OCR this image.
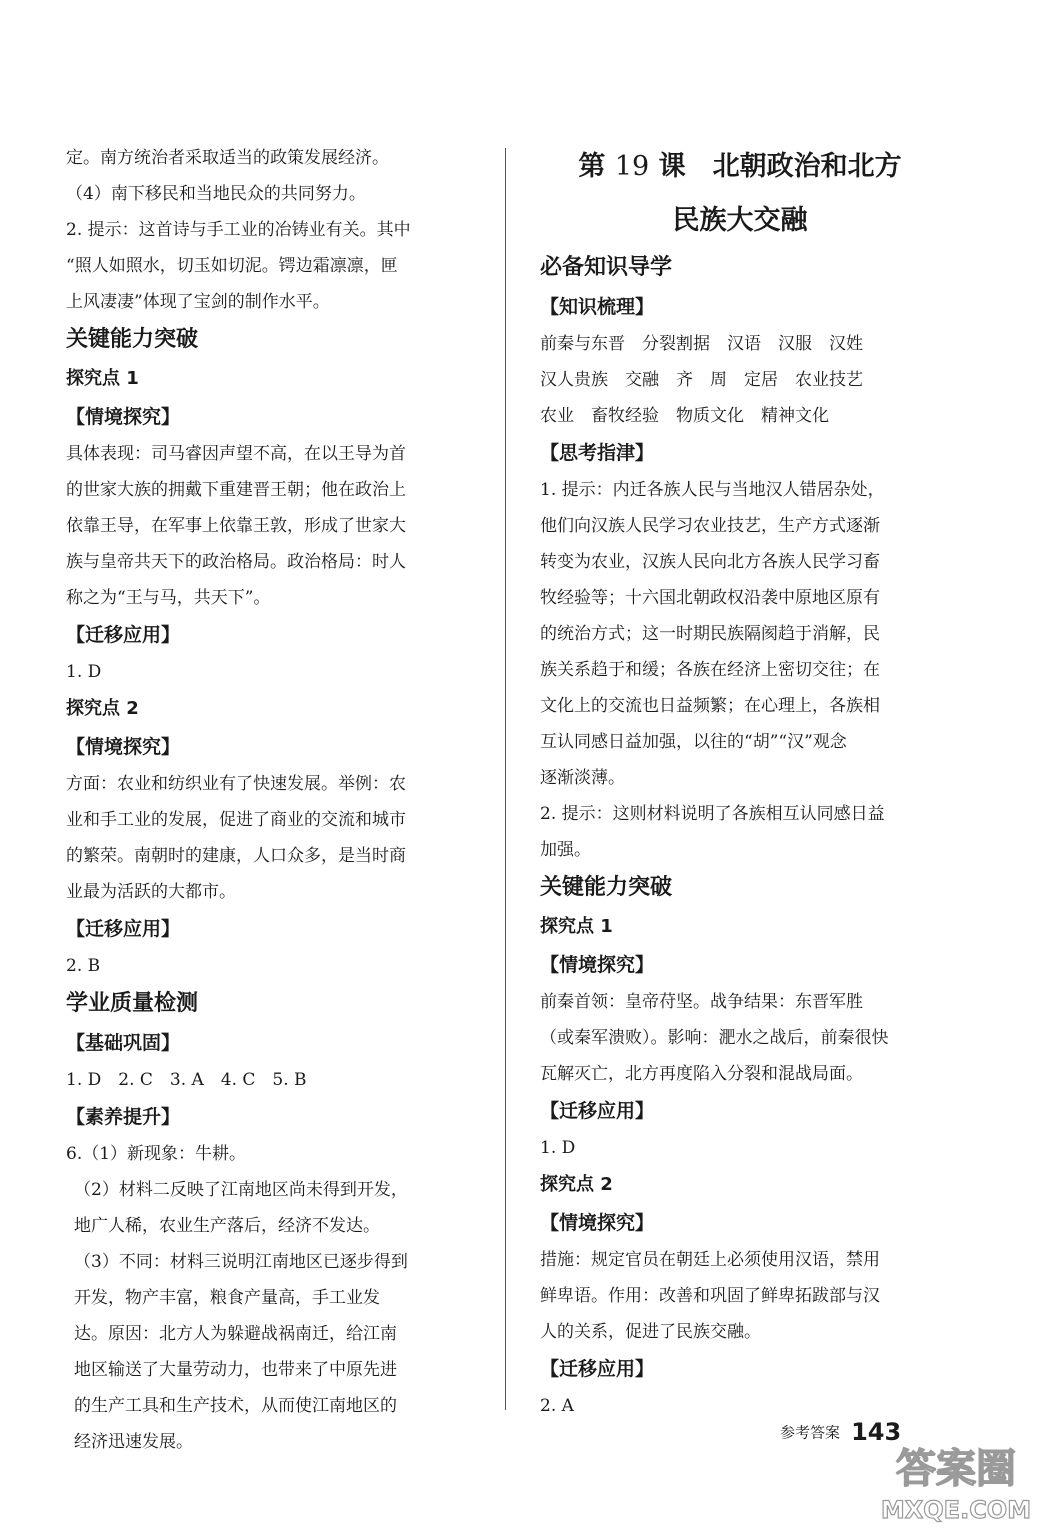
定。南方统治者采取适当的政策发展经济。
（4）南下移民和当地民众的共同努力。
2. 提示：这首诗与手工业的冶铸业有关。其中
“照人如照水，切玉如切泥。锷边霜凛凛，匣
上风凄凄”体现了宝剑的制作水平。
关键能力突破
探究点 1
【情境探究】
具体表现：司马睿因声望不高，在以王导为首
的世家大族的拥戴下重建晋王朝；他在政治上
依靠王导，在军事上依靠王敦，形成了世家大
族与皇帝共天下的政治格局。政治格局：时人
称之为“王与马，共天下”。
【迁移应用】
1. D
探究点 2
【情境探究】
方面：农业和纺织业有了快速发展。举例：农
业和手工业的发展，促进了商业的交流和城市
的繁荣。南朝时的建康，人口众多，是当时商
业最为活跃的大都市。
【迁移应用】
2. B
学业质量检测
【基础巩固】
1. D　2. C　3. A　4. C　5. B
【素养提升】
6.（1）新现象：牛耕。
（2）材料二反映了江南地区尚未得到开发，
地广人稀，农业生产落后，经济不发达。
（3）不同：材料三说明江南地区已逐步得到
开发，物产丰富，粮食产量高，手工业发
达。原因：北方人为躲避战祸南迁，给江南
地区输送了大量劳动力，也带来了中原先进
的生产工具和生产技术，从而使江南地区的
经济迅速发展。
第 19 课　北朝政治和北方
民族大交融
必备知识导学
【知识梳理】
前秦与东晋　分裂割据　汉语　汉服　汉姓
汉人贵族　交融　齐　周　定居　农业技艺
农业　畜牧经验　物质文化　精神文化
【思考指津】
1. 提示：内迁各族人民与当地汉人错居杂处，
他们向汉族人民学习农业技艺，生产方式逐渐
转变为农业，汉族人民向北方各族人民学习畜
牧经验等；十六国北朝政权沿袭中原地区原有
的统治方式；这一时期民族隔阂趋于消解，民
族关系趋于和缓；各族在经济上密切交往；在
文化上的交流也日益频繁；在心理上，各族相
互认同感日益加强，以往的“胡”“汉”观念
逐渐淡薄。
2. 提示：这则材料说明了各族相互认同感日益
加强。
关键能力突破
探究点 1
【情境探究】
前秦首领：皇帝苻坚。战争结果：东晋军胜
（或秦军溃败）。影响：淝水之战后，前秦很快
瓦解灭亡，北方再度陷入分裂和混战局面。
【迁移应用】
1. D
探究点 2
【情境探究】
措施：规定官员在朝廷上必须使用汉语，禁用
鲜卑语。作用：改善和巩固了鲜卑拓跋部与汉
人的关系，促进了民族交融。
【迁移应用】
2. A
参考答案 143
答案圈
MXQE.COM
